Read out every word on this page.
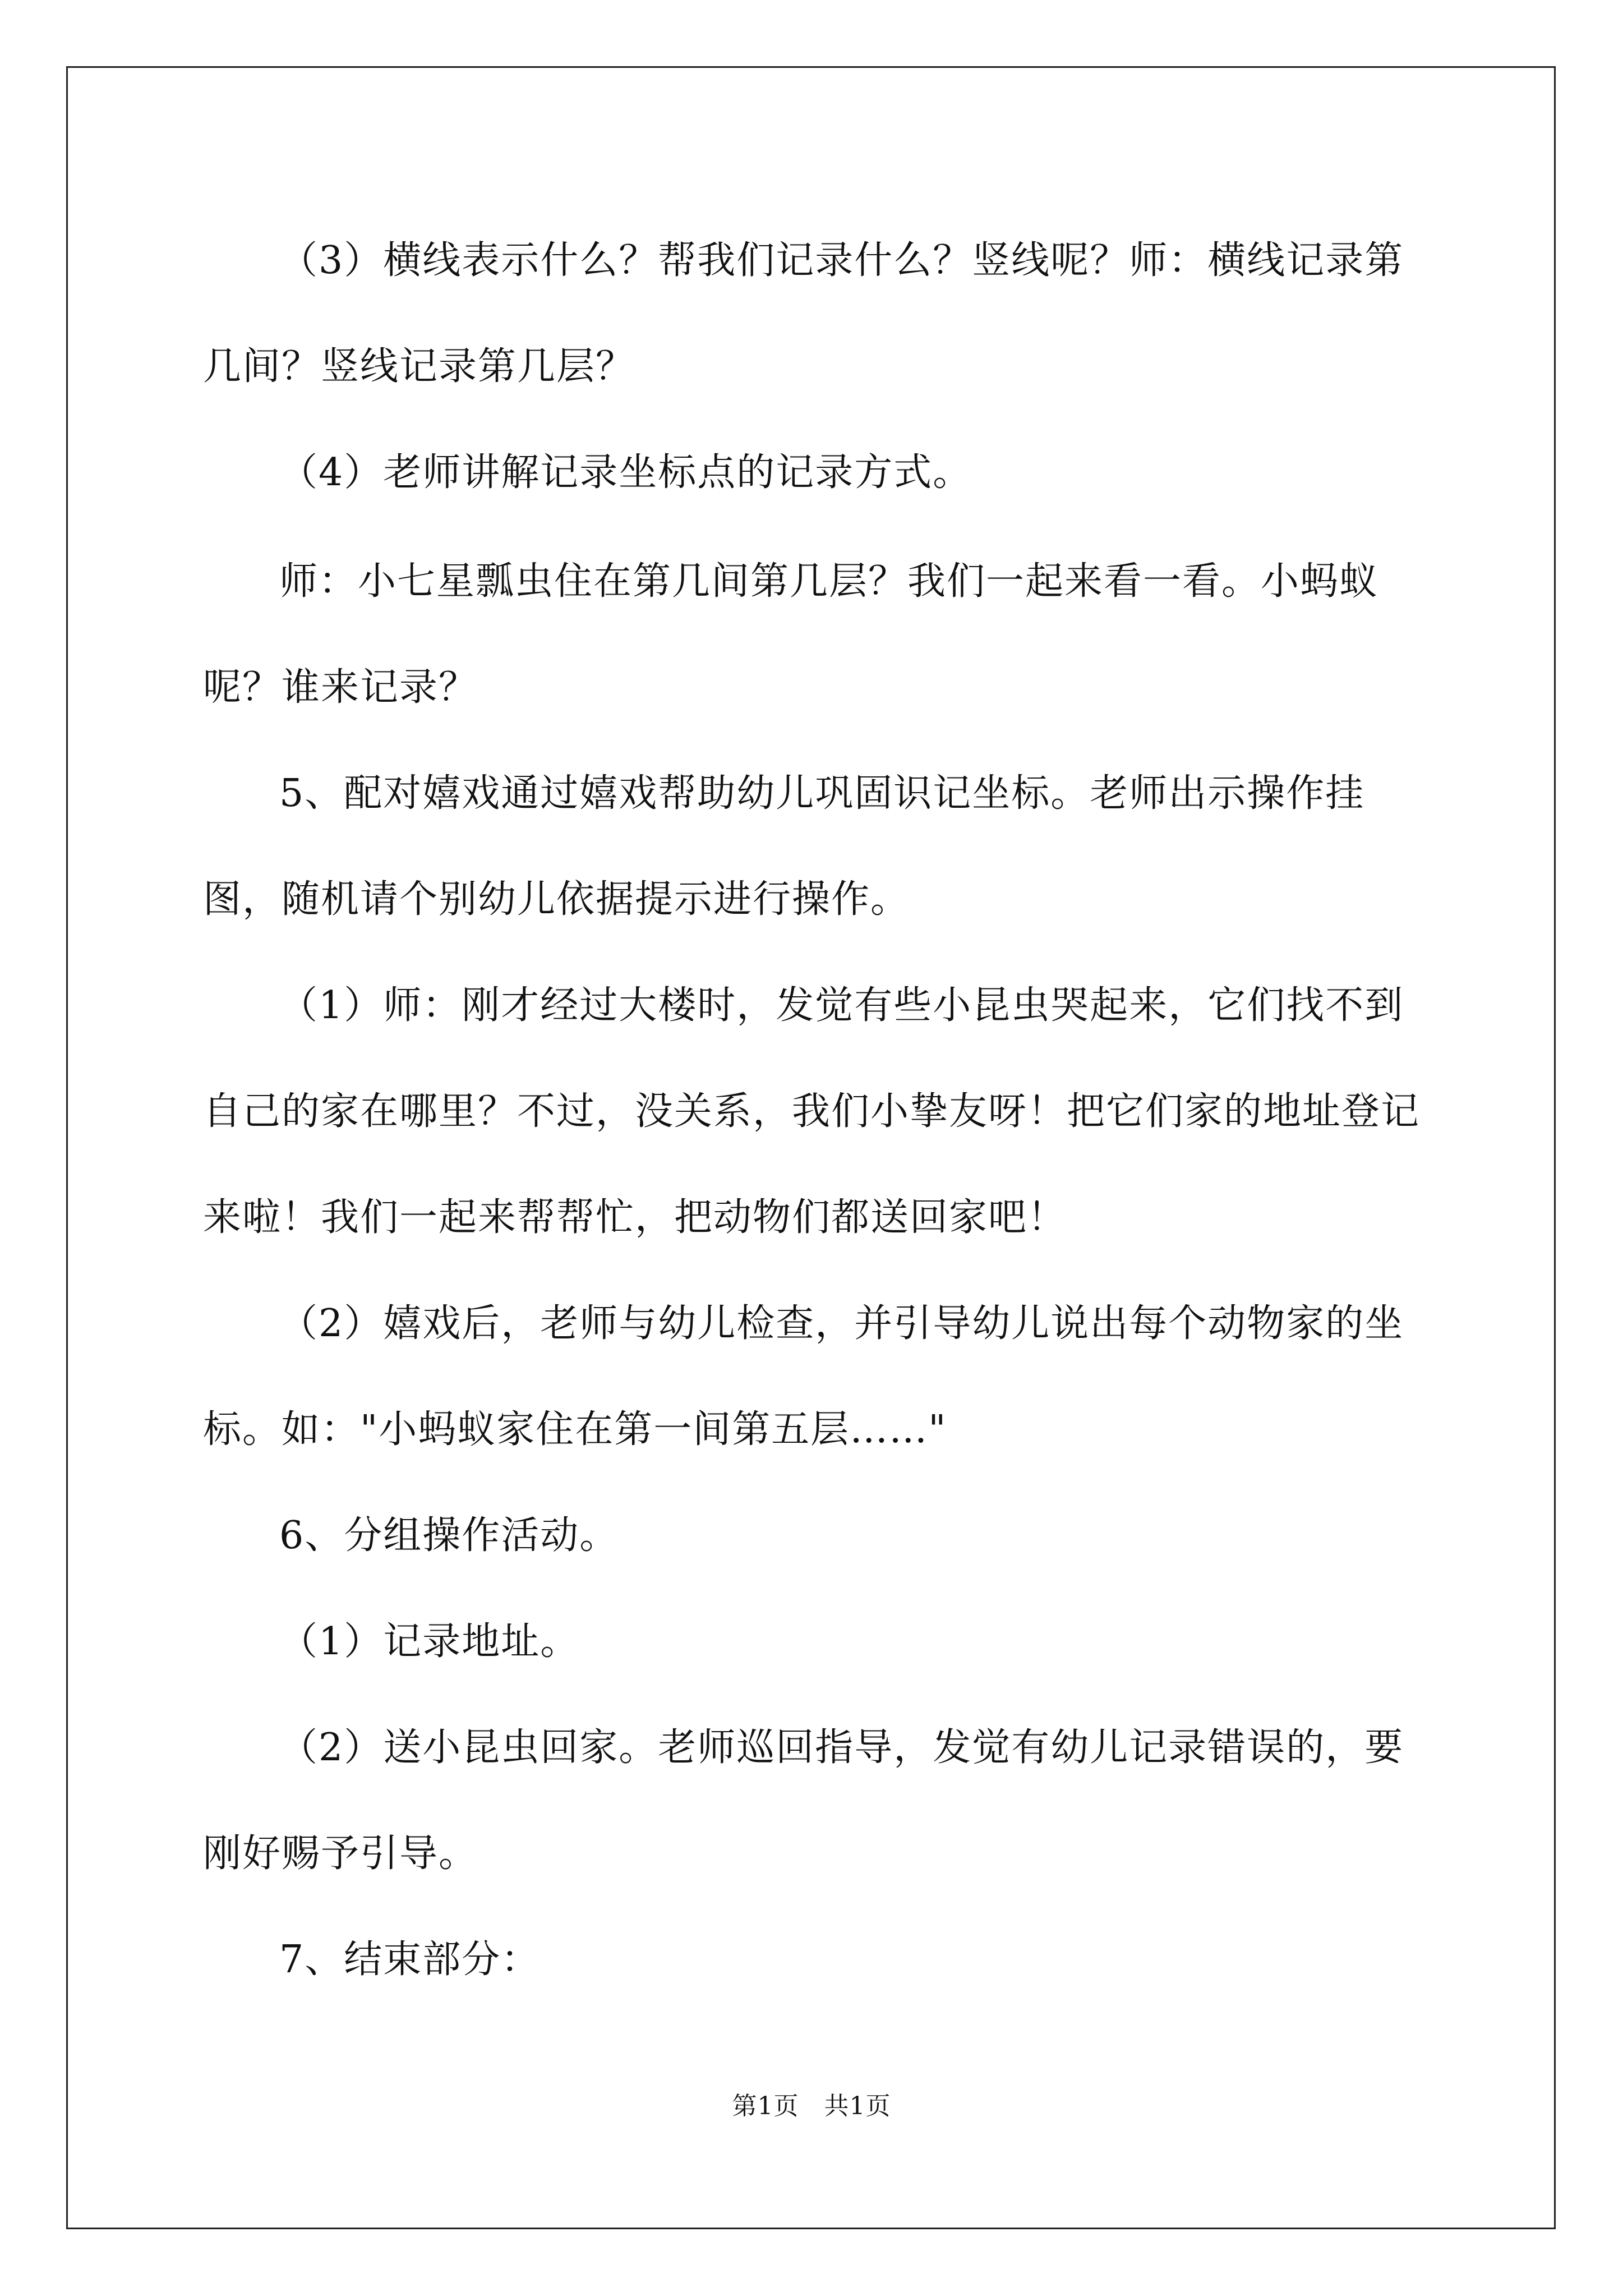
（3）横线表示什么？帮我们记录什么？竖线呢？师：横线记录第几间？竖线记录第几层？

（4）老师讲解记录坐标点的记录方式。

师：小七星瓢虫住在第几间第几层？我们一起来看一看。小蚂蚁呢？谁来记录？

5、配对嬉戏通过嬉戏帮助幼儿巩固识记坐标。老师出示操作挂图，随机请个别幼儿依据提示进行操作。

（1）师：刚才经过大楼时，发觉有些小昆虫哭起来，它们找不到自己的家在哪里？不过，没关系，我们小挚友呀！把它们家的地址登记来啦！我们一起来帮帮忙，把动物们都送回家吧！

（2）嬉戏后，老师与幼儿检查，并引导幼儿说出每个动物家的坐标。如："小蚂蚁家住在第一间第五层……"

6、分组操作活动。

（1）记录地址。

（2）送小昆虫回家。老师巡回指导，发觉有幼儿记录错误的，要刚好赐予引导。

7、结束部分：

第1页　共1页
